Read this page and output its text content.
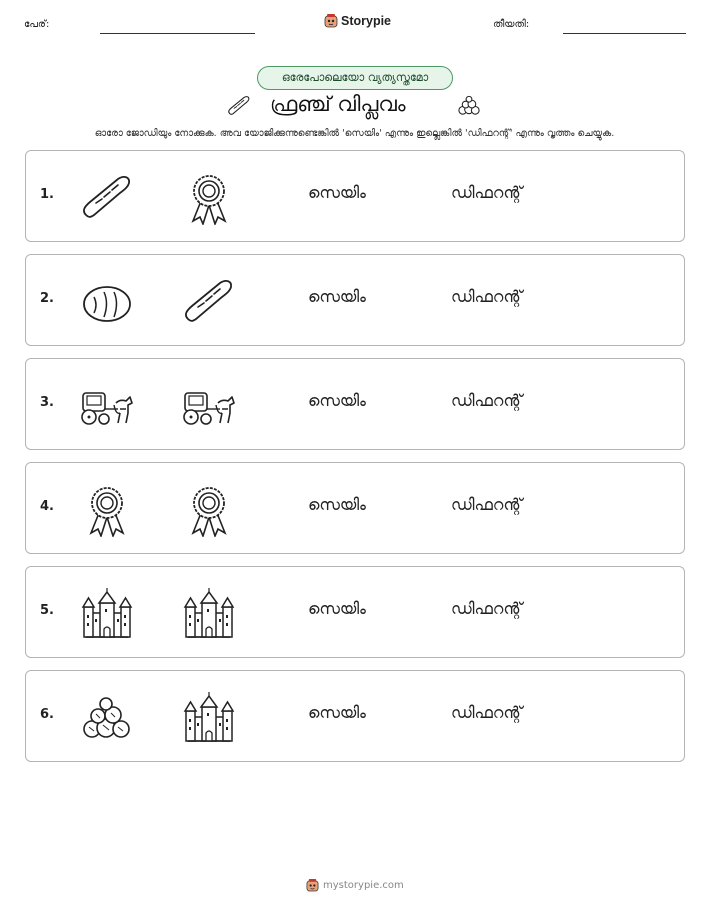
പേര്:	Storypie	തീയതി:
ഒരേപോലെയോ വ്യത്യസ്തമോ
ഫ്രഞ്ച് വിപ്ലവം
ഓരോ ജോഡിയും നോക്കുക. അവ യോജിക്കുന്നുണ്ടെങ്കിൽ 'സെയിം' എന്നും ഇല്ലെങ്കിൽ 'ഡിഫറന്റ്' എന്നും വൃത്തം ചെയ്യുക.
1.	സെയിം	ഡിഫറന്റ്
2.	സെയിം	ഡിഫറന്റ്
3.	സെയിം	ഡിഫറന്റ്
4.	സെയിം	ഡിഫറന്റ്
5.	സെയിം	ഡിഫറന്റ്
6.	സെയിം	ഡിഫറന്റ്
mystorypie.com
